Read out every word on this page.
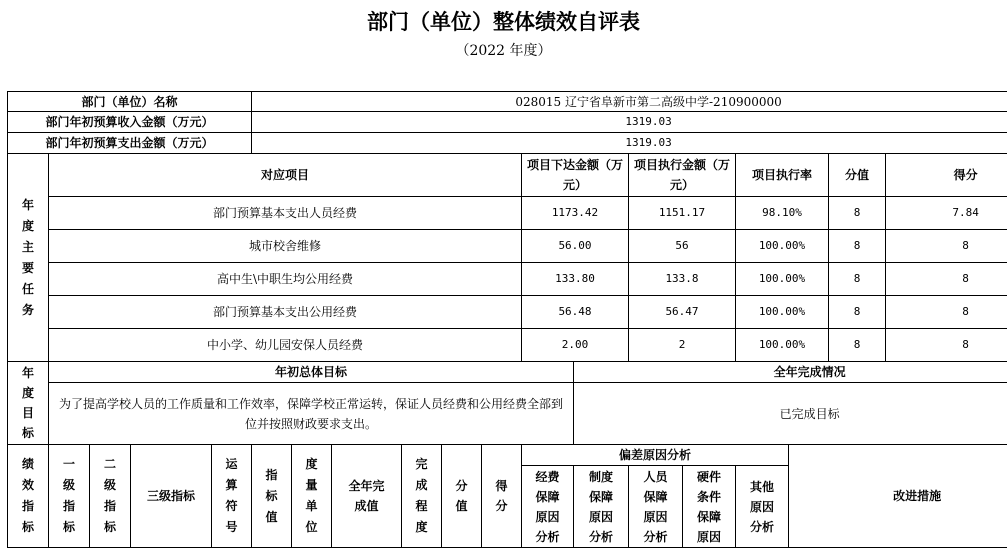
部门（单位）整体绩效自评表
（2022 年度）
部门（单位）名称					028015 辽宁省阜新市第二高级中学-210900000													
部门年初预算收入金额（万元）					1319.03													
部门年初预算支出金额（万元）					1319.03													
年度主要任务	对应项目										项目下达金额（万元）		项目执行金额（万元）		项目执行率		分值	得分
	部门预算基本支出人员经费										1173.42		1151.17		98.10%		8	7.84
	城市校舍维修										56.00		56		100.00%		8	8
	高中生\中职生均公用经费										133.80		133.8		100.00%		8	8
	部门预算基本支出公用经费										56.48		56.47		100.00%		8	8
	中小学、幼儿园安保人员经费										2.00		2		100.00%		8	8
年度目标	年初总体目标											全年完成情况						
	为了提高学校人员的工作质量和工作效率，保障学校正常运转，保证人员经费和公用经费全部到位并按照财政要求支出。											已完成目标						
绩效指标	一级指标	二级指标	三级指标	运算符号	指标值	度量单位	全年完成值	完成程度	分值	得分	偏差原因分析					改进措施		
											经费保障原因分析	制度保障原因分析	人员保障原因分析	硬件条件保障原因	其他原因分析			
